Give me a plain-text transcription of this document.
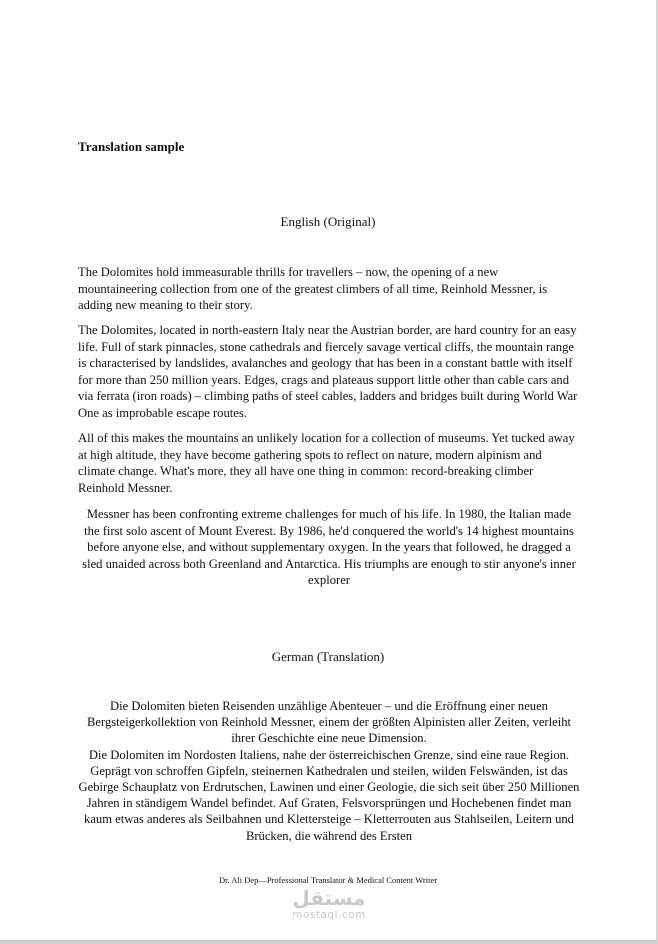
Translation sample

English (Original)

The Dolomites hold immeasurable thrills for travellers – now, the opening of a new mountaineering collection from one of the greatest climbers of all time, Reinhold Messner, is adding new meaning to their story.

The Dolomites, located in north-eastern Italy near the Austrian border, are hard country for an easy life. Full of stark pinnacles, stone cathedrals and fiercely savage vertical cliffs, the mountain range is characterised by landslides, avalanches and geology that has been in a constant battle with itself for more than 250 million years. Edges, crags and plateaus support little other than cable cars and via ferrata (iron roads) – climbing paths of steel cables, ladders and bridges built during World War One as improbable escape routes.

All of this makes the mountains an unlikely location for a collection of museums. Yet tucked away at high altitude, they have become gathering spots to reflect on nature, modern alpinism and climate change. What's more, they all have one thing in common: record-breaking climber Reinhold Messner.

Messner has been confronting extreme challenges for much of his life. In 1980, the Italian made the first solo ascent of Mount Everest. By 1986, he'd conquered the world's 14 highest mountains before anyone else, and without supplementary oxygen. In the years that followed, he dragged a sled unaided across both Greenland and Antarctica. His triumphs are enough to stir anyone's inner explorer

German (Translation)

Die Dolomiten bieten Reisenden unzählige Abenteuer – und die Eröffnung einer neuen Bergsteigerkollektion von Reinhold Messner, einem der größten Alpinisten aller Zeiten, verleiht ihrer Geschichte eine neue Dimension.

Die Dolomiten im Nordosten Italiens, nahe der österreichischen Grenze, sind eine raue Region. Geprägt von schroffen Gipfeln, steinernen Kathedralen und steilen, wilden Felswänden, ist das Gebirge Schauplatz von Erdrutschen, Lawinen und einer Geologie, die sich seit über 250 Millionen Jahren in ständigem Wandel befindet. Auf Graten, Felsvorsprüngen und Hochebenen findet man kaum etwas anderes als Seilbahnen und Klettersteige – Kletterrouten aus Stahlseilen, Leitern und Brücken, die während des Ersten

Dr. Ali Dep—Professional Translator & Medical Content Writer

مستقل
mostaql.com
